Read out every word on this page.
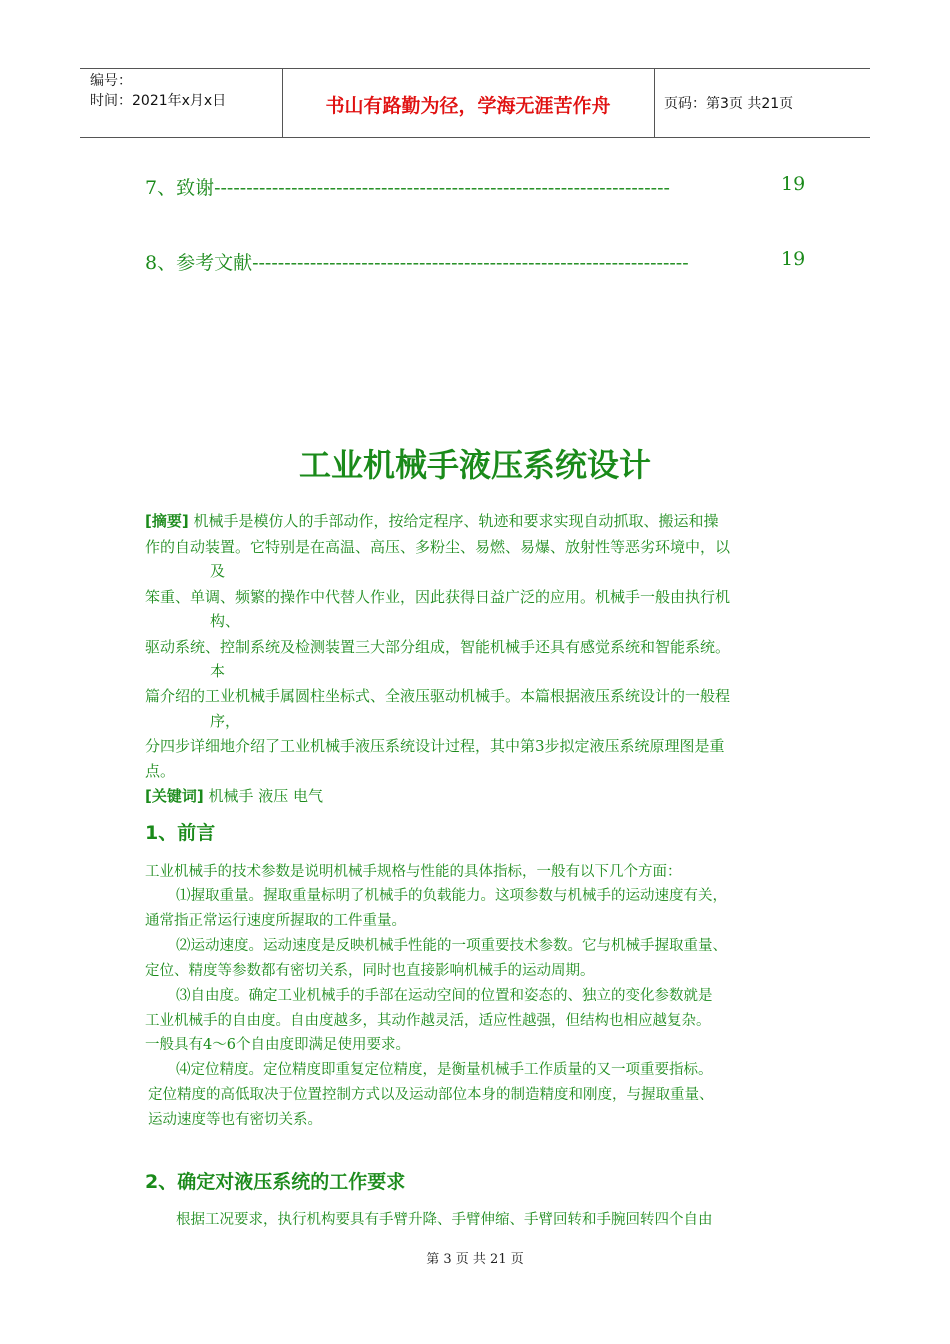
编号：
时间：2021年x月x日	书山有路勤为径，学海无涯苦作舟	页码：第3页 共21页
7、致谢-----------------------------------------------------------------------	19
8、参考文献--------------------------------------------------------------------	19
工业机械手液压系统设计
[摘要] 机械手是模仿人的手部动作，按给定程序、轨迹和要求实现自动抓取、搬运和操
作的自动装置。它特别是在高温、高压、多粉尘、易燃、易爆、放射性等恶劣环境中，以
及
笨重、单调、频繁的操作中代替人作业，因此获得日益广泛的应用。机械手一般由执行机
构、
驱动系统、控制系统及检测装置三大部分组成，智能机械手还具有感觉系统和智能系统。
本
篇介绍的工业机械手属圆柱坐标式、全液压驱动机械手。本篇根据液压系统设计的一般程
序，
分四步详细地介绍了工业机械手液压系统设计过程，其中第3步拟定液压系统原理图是重
点。
[关键词] 机械手 液压 电气
1、前言
工业机械手的技术参数是说明机械手规格与性能的具体指标，一般有以下几个方面：
⑴握取重量。握取重量标明了机械手的负载能力。这项参数与机械手的运动速度有关，
通常指正常运行速度所握取的工件重量。
⑵运动速度。运动速度是反映机械手性能的一项重要技术参数。它与机械手握取重量、
定位、精度等参数都有密切关系，同时也直接影响机械手的运动周期。
⑶自由度。确定工业机械手的手部在运动空间的位置和姿态的、独立的变化参数就是
工业机械手的自由度。自由度越多，其动作越灵活，适应性越强，但结构也相应越复杂。
一般具有4～6个自由度即满足使用要求。
⑷定位精度。定位精度即重复定位精度，是衡量机械手工作质量的又一项重要指标。
定位精度的高低取决于位置控制方式以及运动部位本身的制造精度和刚度，与握取重量、
运动速度等也有密切关系。
2、确定对液压系统的工作要求
根据工况要求，执行机构要具有手臂升降、手臂伸缩、手臂回转和手腕回转四个自由
第 3 页 共 21 页
